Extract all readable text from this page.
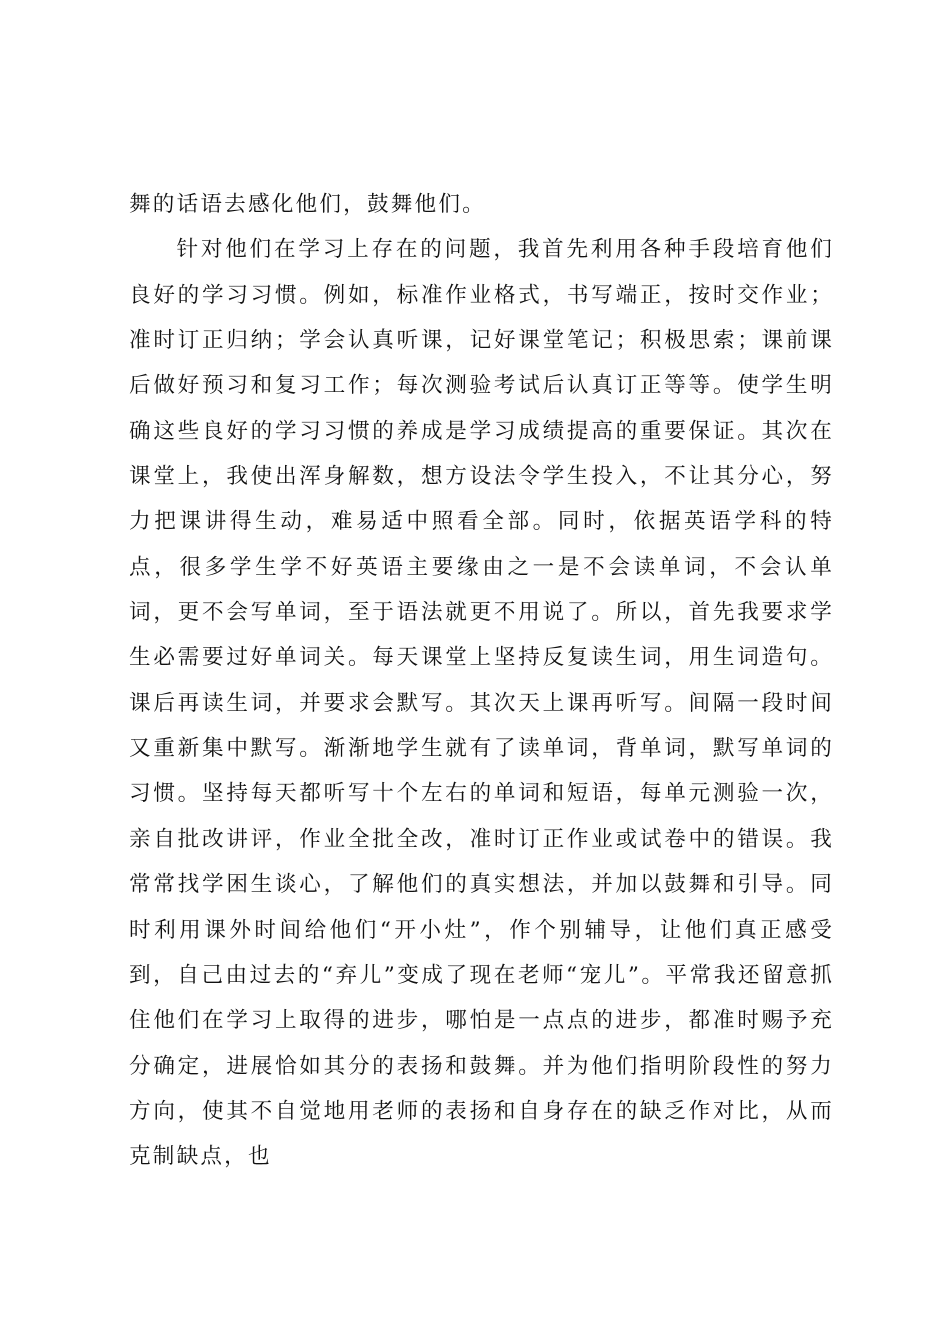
舞的话语去感化他们，鼓舞他们。

针对他们在学习上存在的问题，我首先利用各种手段培育他们良好的学习习惯。例如，标准作业格式，书写端正，按时交作业；准时订正归纳；学会认真听课，记好课堂笔记；积极思索；课前课后做好预习和复习工作；每次测验考试后认真订正等等。使学生明确这些良好的学习习惯的养成是学习成绩提高的重要保证。其次在课堂上，我使出浑身解数，想方设法令学生投入，不让其分心，努力把课讲得生动，难易适中照看全部。同时，依据英语学科的特点，很多学生学不好英语主要缘由之一是不会读单词，不会认单词，更不会写单词，至于语法就更不用说了。所以，首先我要求学生必需要过好单词关。每天课堂上坚持反复读生词，用生词造句。课后再读生词，并要求会默写。其次天上课再听写。间隔一段时间又重新集中默写。渐渐地学生就有了读单词，背单词，默写单词的习惯。坚持每天都听写十个左右的单词和短语，每单元测验一次，亲自批改讲评，作业全批全改，准时订正作业或试卷中的错误。我常常找学困生谈心，了解他们的真实想法，并加以鼓舞和引导。同时利用课外时间给他们“开小灶”，作个别辅导，让他们真正感受到，自己由过去的“弃儿”变成了现在老师“宠儿”。平常我还留意抓住他们在学习上取得的进步，哪怕是一点点的进步，都准时赐予充分确定，进展恰如其分的表扬和鼓舞。并为他们指明阶段性的努力方向，使其不自觉地用老师的表扬和自身存在的缺乏作对比，从而克制缺点，也
